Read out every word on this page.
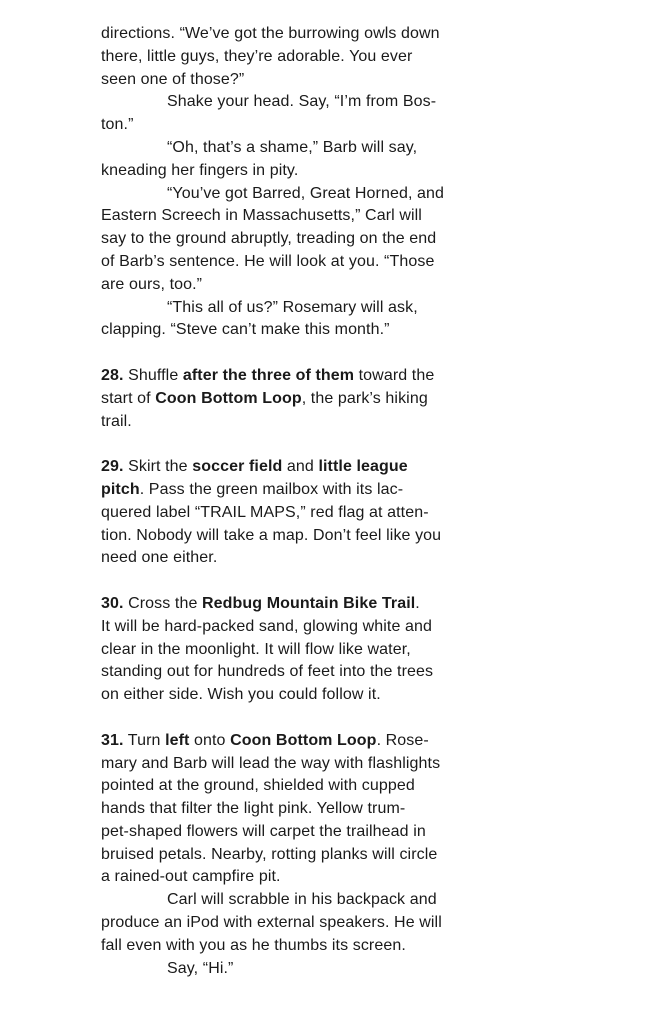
directions. “We’ve got the burrowing owls down
there, little guys, they’re adorable. You ever
seen one of those?”
Shake your head. Say, “I’m from Bos-
ton.”
“Oh, that’s a shame,” Barb will say,
kneading her fingers in pity.
“You’ve got Barred, Great Horned, and
Eastern Screech in Massachusetts,” Carl will
say to the ground abruptly, treading on the end
of Barb’s sentence. He will look at you. “Those
are ours, too.”
“This all of us?” Rosemary will ask,
clapping. “Steve can’t make this month.”
28. Shuffle after the three of them toward the
start of Coon Bottom Loop, the park’s hiking
trail.
29. Skirt the soccer field and little league
pitch. Pass the green mailbox with its lac-
quered label “TRAIL MAPS,” red flag at atten-
tion. Nobody will take a map. Don’t feel like you
need one either.
30. Cross the Redbug Mountain Bike Trail.
It will be hard-packed sand, glowing white and
clear in the moonlight. It will flow like water,
standing out for hundreds of feet into the trees
on either side. Wish you could follow it.
31. Turn left onto Coon Bottom Loop. Rose-
mary and Barb will lead the way with flashlights
pointed at the ground, shielded with cupped
hands that filter the light pink. Yellow trum-
pet-shaped flowers will carpet the trailhead in
bruised petals. Nearby, rotting planks will circle
a rained-out campfire pit.
Carl will scrabble in his backpack and
produce an iPod with external speakers. He will
fall even with you as he thumbs its screen.
Say, “Hi.”
